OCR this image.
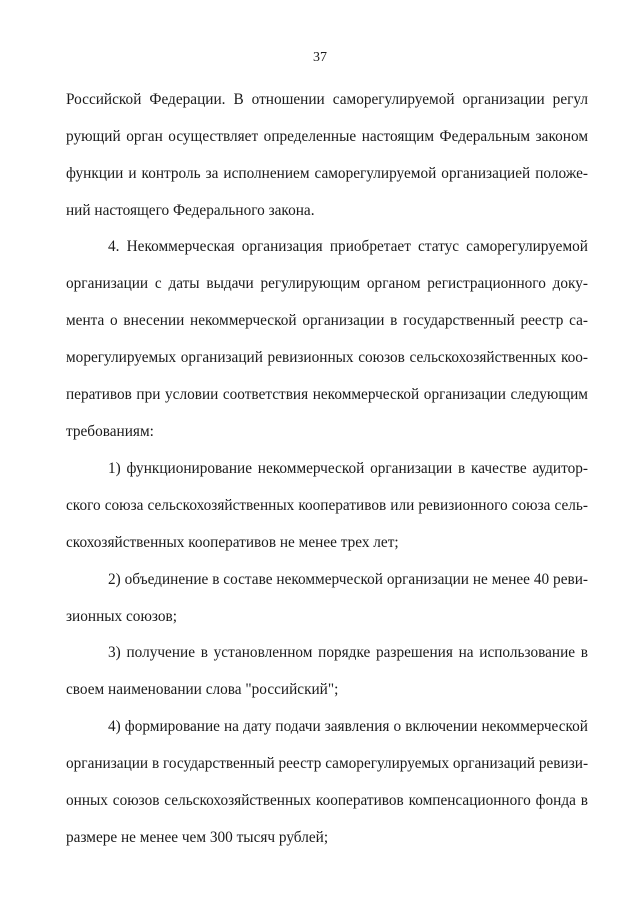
37
Российской Федерации. В отношении саморегулируемой организации регул
рующий орган осуществляет определенные настоящим Федеральным законом
функции и контроль за исполнением саморегулируемой организацией положе-
ний настоящего Федерального закона.
4. Некоммерческая организация приобретает статус саморегулируемой
организации с даты выдачи регулирующим органом регистрационного доку-
мента о внесении некоммерческой организации в государственный реестр са-
морегулируемых организаций ревизионных союзов сельскохозяйственных коо-
перативов при условии соответствия некоммерческой организации следующим
требованиям:
1) функционирование некоммерческой организации в качестве аудитор-
ского союза сельскохозяйственных кооперативов или ревизионного союза сель-
скохозяйственных кооперативов не менее трех лет;
2) объединение в составе некоммерческой организации не менее 40 реви-
зионных союзов;
3) получение в установленном порядке разрешения на использование в
своем наименовании слова "российский";
4) формирование на дату подачи заявления о включении некоммерческой
организации в государственный реестр саморегулируемых организаций ревизи-
онных союзов сельскохозяйственных кооперативов компенсационного фонда в
размере не менее чем 300 тысяч рублей;
